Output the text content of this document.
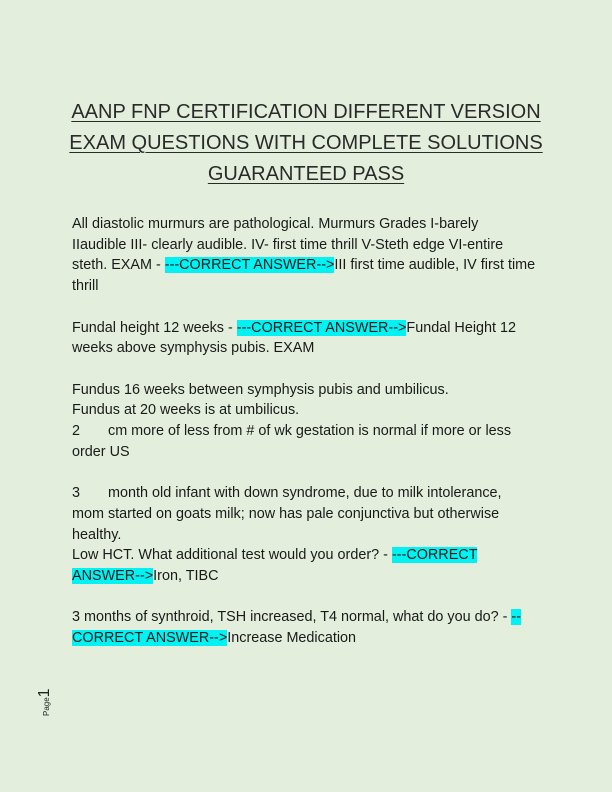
AANP FNP CERTIFICATION DIFFERENT VERSION
EXAM QUESTIONS WITH COMPLETE SOLUTIONS
GUARANTEED PASS
All diastolic murmurs are pathological. Murmurs Grades I-barely
IIaudible III- clearly audible. IV- first time thrill V-Steth edge VI-entire
steth. EXAM - ---CORRECT ANSWER-->III first time audible, IV first time
thrill
Fundal height 12 weeks - ---CORRECT ANSWER-->Fundal Height 12
weeks above symphysis pubis. EXAM
Fundus 16 weeks between symphysis pubis and umbilicus.
Fundus at 20 weeks is at umbilicus.
2 cm more of less from # of wk gestation is normal if more or less
order US
3 month old infant with down syndrome, due to milk intolerance,
mom started on goats milk; now has pale conjunctiva but otherwise
healthy.
Low HCT. What additional test would you order? - ---CORRECT
ANSWER-->Iron, TIBC
3 months of synthroid, TSH increased, T4 normal, what do you do? - --
CORRECT ANSWER-->Increase Medication
Page1
